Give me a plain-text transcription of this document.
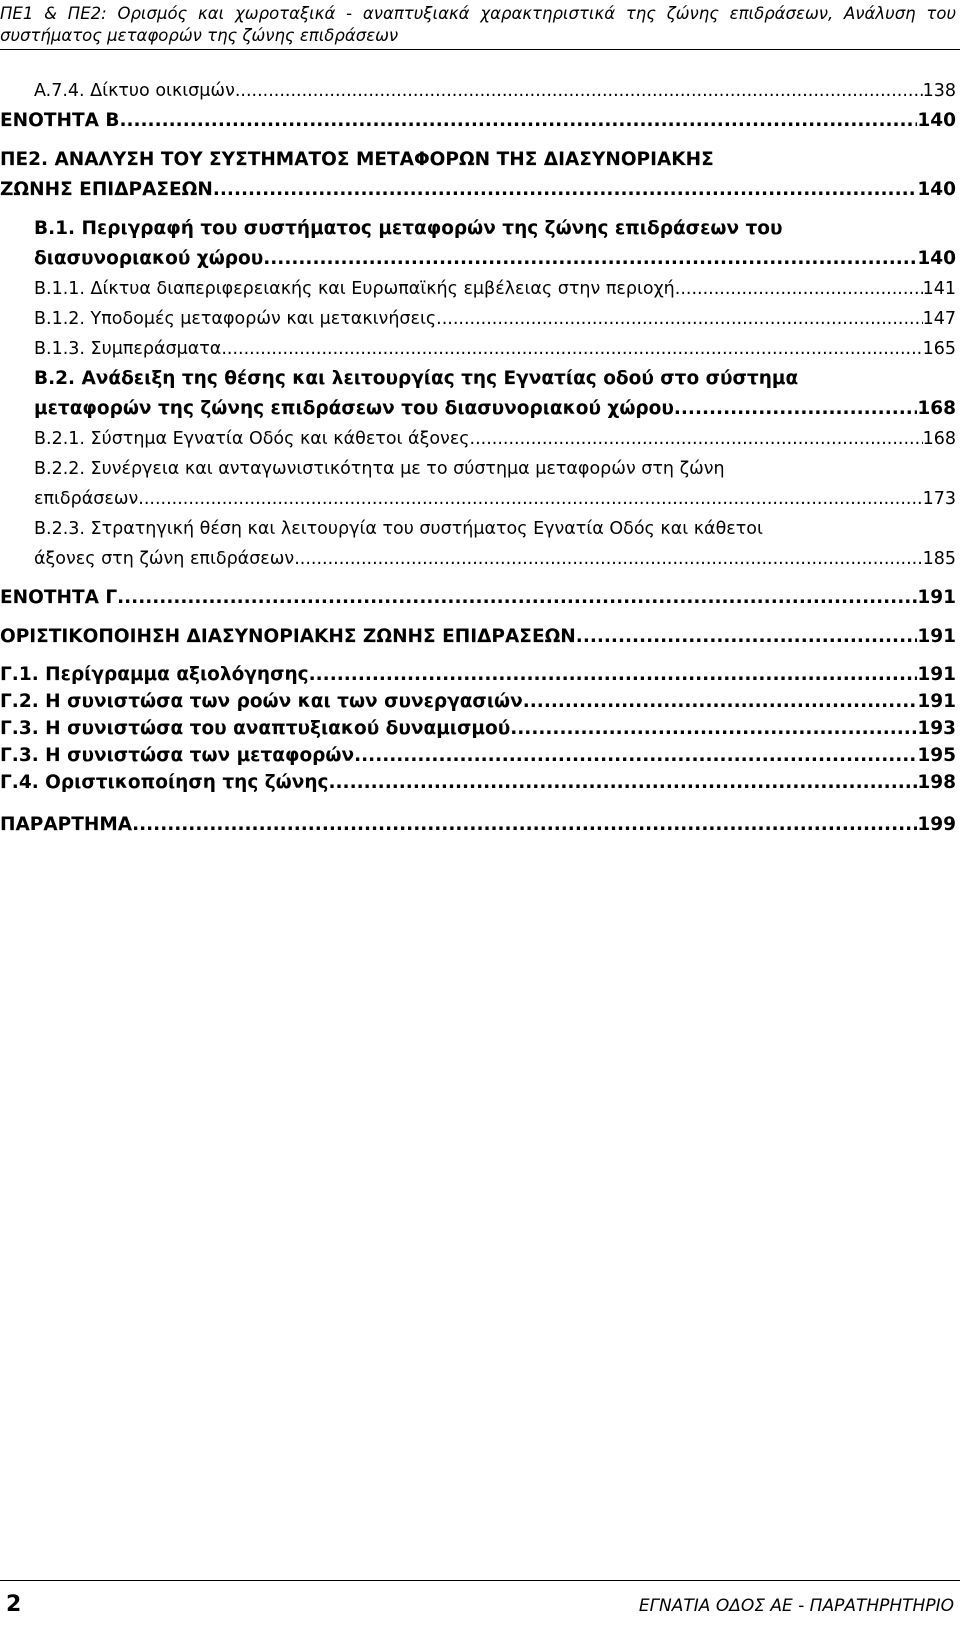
ΠΕ1 & ΠΕ2: Ορισμός και χωροταξικά - αναπτυξιακά χαρακτηριστικά της ζώνης επιδράσεων, Ανάλυση του συστήματος μεταφορών της ζώνης επιδράσεων
A.7.4. Δίκτυο οικισμών .....	138
ΕΝΟΤΗΤΑ Β .....	140
ΠΕ2. ΑΝΑΛΥΣΗ ΤΟΥ ΣΥΣΤΗΜΑΤΟΣ ΜΕΤΑΦΟΡΩΝ ΤΗΣ ΔΙΑΣΥΝΟΡΙΑΚΗΣ
ΖΩΝΗΣ ΕΠΙΔΡΑΣΕΩΝ .....	140
Β.1. Περιγραφή του συστήματος μεταφορών της ζώνης επιδράσεων του
διασυνοριακού χώρου .....	140
Β.1.1. Δίκτυα διαπεριφερειακής και Ευρωπαϊκής εμβέλειας στην περιοχή .....	141
Β.1.2. Υποδομές μεταφορών και μετακινήσεις .....	147
Β.1.3. Συμπεράσματα .....	165
Β.2. Ανάδειξη της θέσης και λειτουργίας της Εγνατίας οδού στο σύστημα
μεταφορών της ζώνης επιδράσεων του διασυνοριακού χώρου .....	168
Β.2.1. Σύστημα Εγνατία Οδός και κάθετοι άξονες .....	168
Β.2.2. Συνέργεια και ανταγωνιστικότητα με το σύστημα μεταφορών στη ζώνη
επιδράσεων .....	173
Β.2.3. Στρατηγική θέση και λειτουργία του συστήματος Εγνατία Οδός και κάθετοι
άξονες στη ζώνη επιδράσεων .....	185
ΕΝΟΤΗΤΑ Γ .....	191
ΟΡΙΣΤΙΚΟΠΟΙΗΣΗ ΔΙΑΣΥΝΟΡΙΑΚΗΣ ΖΩΝΗΣ ΕΠΙΔΡΑΣΕΩΝ .....	191
Γ.1. Περίγραμμα αξιολόγησης .....	191
Γ.2. Η συνιστώσα των ροών και των συνεργασιών .....	191
Γ.3. Η συνιστώσα του αναπτυξιακού δυναμισμού .....	193
Γ.3. Η συνιστώσα των μεταφορών .....	195
Γ.4. Οριστικοποίηση της ζώνης .....	198
ΠΑΡΑΡΤΗΜΑ .....	199
2	ΕΓΝΑΤΙΑ ΟΔΟΣ ΑΕ - ΠΑΡΑΤΗΡΗΤΗΡΙΟ
